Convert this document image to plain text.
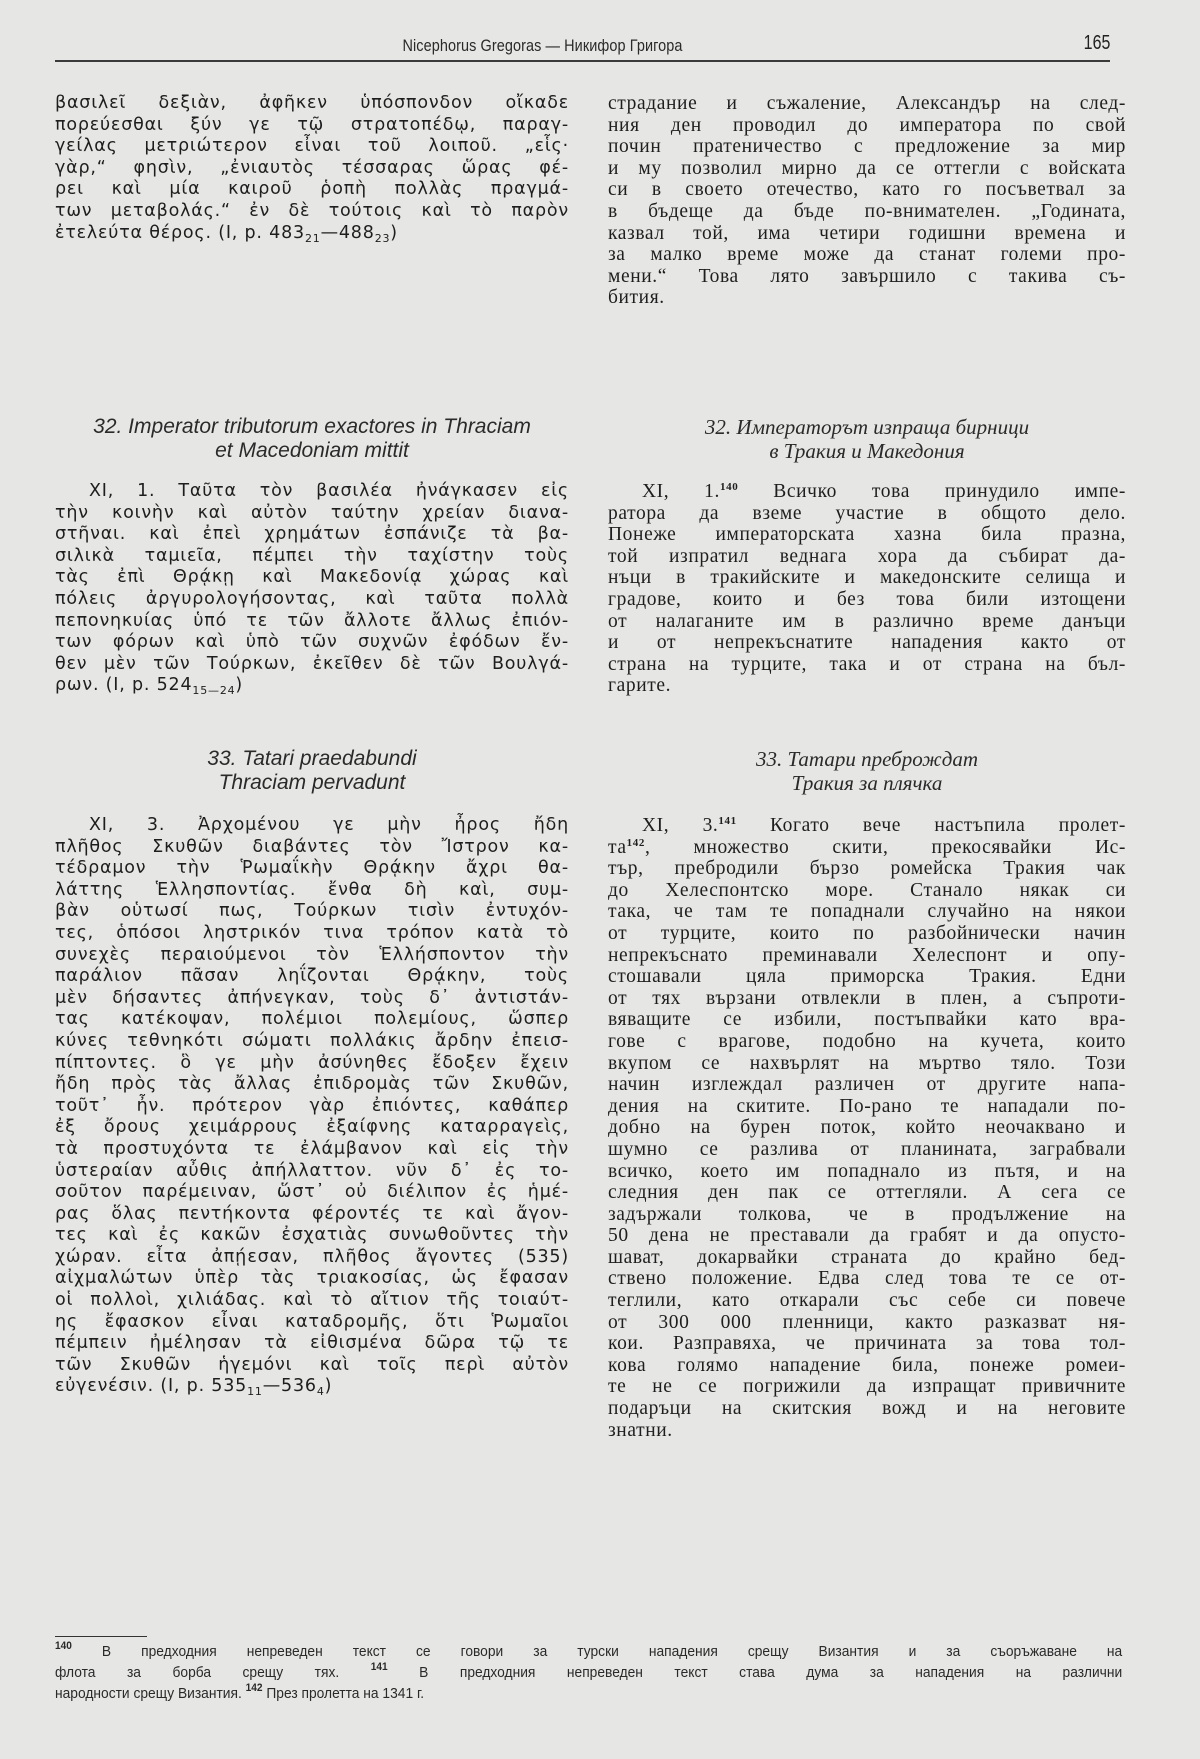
Nicephorus Gregoras — Никифор Григора	165
βασιλεῖ δεξιὰν, ἀφῆκεν ὑπόσπονδον οἴκαδε
πορεύεσθαι ξύν γε τῷ στρατοπέδῳ, παραγ-
γείλας μετριώτερον εἶναι τοῦ λοιποῦ. „εἷς·
γὰρ,“ φησὶν, „ἐνιαυτὸς τέσσαρας ὥρας φέ-
ρει καὶ μία καιροῦ ῥοπὴ πολλὰς πραγμά-
των μεταβολάς.“ ἐν δὲ τούτοις καὶ τὸ παρὸν
ἐτελεύτα θέρος. (I, p. $483_{21}—488_{23}$)
32. Imperator tributorum exactores in Thraciam
et Macedoniam mittit
XI, 1. Ταῦτα τὸν βασιλέα ἠνάγκασεν εἰς
τὴν κοινὴν καὶ αὐτὸν ταύτην χρείαν διανα-
στῆναι. καὶ ἐπεὶ χρημάτων ἐσπάνιζε τὰ βα-
σιλικὰ ταμιεῖα, πέμπει τὴν ταχίστην τοὺς
τὰς ἐπὶ Θρᾴκῃ καὶ Μακεδονίᾳ χώρας καὶ
πόλεις ἀργυρολογήσοντας, καὶ ταῦτα πολλὰ
πεπονηκυίας ὑπό τε τῶν ἄλλοτε ἄλλως ἐπιόν-
των φόρων καὶ ὑπὸ τῶν συχνῶν ἐφόδων ἔν-
θεν μὲν τῶν Τούρκων, ἐκεῖθεν δὲ τῶν Βουλγά-
ρων. (I, p. $524_{15—24}$)
33. Tatari praedabundi
Thraciam pervadunt
XI, 3. Ἀρχομένου γε μὴν ἦρος ἤδη
πλῆθος Σκυθῶν διαβάντες τὸν Ἴστρον κα-
τέδραμον τὴν Ῥωμαΐκὴν Θρᾴκην ἄχρι θα-
λάττης Ἑλλησποντίας. ἔνθα δὴ καὶ, συμ-
βὰν οὑτωσί πως, Τούρκων τισὶν ἐντυχόν-
τες, ὁπόσοι ληστρικόν τινα τρόπον κατὰ τὸ
συνεχὲς περαιούμενοι τὸν Ἑλλήσποντον τὴν
παράλιον πᾶσαν ληΐζονται Θρᾴκην, τοὺς
μὲν δήσαντες ἀπήνεγκαν, τοὺς δ᾽ ἀντιστάν-
τας κατέκοψαν, πολέμιοι πολεμίους, ὥσπερ
κύνες τεθνηκότι σώματι πολλάκις ἄρδην ἐπεισ-
πίπτοντες. ὃ γε μὴν ἀσύνηθες ἔδοξεν ἔχειν
ἤδη πρὸς τὰς ἄλλας ἐπιδρομὰς τῶν Σκυθῶν,
τοῦτ᾽ ἦν. πρότερον γὰρ ἐπιόντες, καθάπερ
ἐξ ὄρους χειμάρρους ἐξαίφνης καταρραγεὶς,
τὰ προστυχόντα τε ἐλάμβανον καὶ εἰς τὴν
ὑστεραίαν αὖθις ἀπήλλαττον. νῦν δ᾽ ἐς το-
σοῦτον παρέμειναν, ὥστ᾽ οὐ διέλιπον ἐς ἡμέ-
ρας ὅλας πεντήκοντα φέροντές τε καὶ ἄγον-
τες καὶ ἐς κακῶν ἐσχατιὰς συνωθοῦντες τὴν
χώραν. εἶτα ἀπῄεσαν, πλῆθος ἄγοντες (535)
αἰχμαλώτων ὑπὲρ τὰς τριακοσίας, ὡς ἔφασαν
οἱ πολλοὶ, χιλιάδας. καὶ τὸ αἴτιον τῆς τοιαύτ-
ης ἔφασκον εἶναι καταδρομῆς, ὅτι Ῥωμαῖοι
πέμπειν ἠμέλησαν τὰ εἰθισμένα δῶρα τῷ τε
τῶν Σκυθῶν ἡγεμόνι καὶ τοῖς περὶ αὐτὸν
εὐγενέσιν. (I, p. $535_{11}—536_4$)
страдание и съжаление, Александър на след-
ния ден проводил до императора по свой
почин пратеничество с предложение за мир
и му позволил мирно да се оттегли с войската
си в своето отечество, като го посъветвал за
в бъдеще да бъде по-внимателен. „Годината,
казвал той, има четири годишни времена и
за малко време може да станат големи про-
мени.“ Това лято завършило с такива съ-
бития.
32. Императорът изпраща бирници
в Тракия и Македония
XI, 1.$^{140}$ Всичко това принудило импе-
ратора да вземе участие в общото дело.
Понеже императорската хазна била празна,
той изпратил веднага хора да събират да-
нъци в тракийските и македонските селища и
градове, които и без това били изтощени
от налаганите им в различно време данъци
и от непрекъснатите нападения както от
страна на турците, така и от страна на бъл-
гарите.
33. Татари преброждат
Тракия за плячка
XI, 3.$^{141}$ Когато вече настъпила пролет-
$та^{142}$, множество скити, прекосявайки Ис-
тър, пребродили бързо ромейска Тракия чак
до Хелеспонтско море. Станало някак си
така, че там те попаднали случайно на някои
от турците, които по разбойнически начин
непрекъснато преминавали Хелеспонт и опу-
стошавали цяла приморска Тракия. Едни
от тях вързани отвлекли в плен, а съпроти-
вяващите се избили, постъпвайки като вра-
гове с врагове, подобно на кучета, които
вкупом се нахвърлят на мъртво тяло. Този
начин изглеждал различен от другите напа-
дения на скитите. По-рано те нападали по-
добно на бурен поток, който неочаквано и
шумно се разлива от планината, заграбвали
всичко, което им попаднало из пътя, и на
следния ден пак се оттегляли. А сега се
задържали толкова, че в продължение на
50 дена не преставали да грабят и да опусто-
шават, докарвайки страната до крайно бед-
ствено положение. Едва след това те се от-
теглили, като откарали със себе си повече
от 300 000 пленници, както разказват ня-
кои. Разправяха, че причината за това тол-
кова голямо нападение била, понеже ромеи-
те не се погрижили да изпращат привичните
подаръци на скитския вожд и на неговите
знатни.
$^{140}$ В предходния непреведен текст се говори за турски нападения срещу Византия и за съоръжаване на
флота за борба срещу тях. $^{141}$ В предходния непреведен текст става дума за нападения на различни
народности срещу Византия. $^{142}$ През пролетта на 1341 г.
